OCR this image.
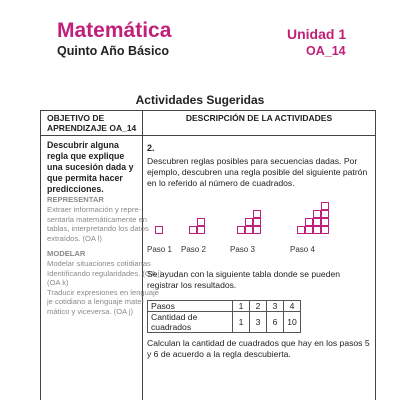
Matemática
Quinto Año Básico
Unidad 1
OA_14
Actividades Sugeridas
OBJETIVO DE APRENDIZAJE OA_14
DESCRIPCIÓN DE LA ACTIVIDADES
Descubrir alguna regla que explique una sucesión dada y que permita hacer predicciones.
REPRESENTAR
Extraer información y repre-
sentarla matemáticamente en
tablas, interpretando los datos
extraídos. (OA l)
MODELAR
Modelar situaciones cotidianas
Identificando regularidades. (OA j)
(OA k)
Traducir expresiones en lenguaje
je cotidiano a lenguaje mate-
mático y viceversa. (OA j)
2.
Descubren reglas posibles para secuencias dadas. Por ejemplo, descubren una regla posible del siguiente patrón en lo referido al número de cuadrados.
Paso 1 Paso 2	Paso 3	Paso 4
Se ayudan con la siguiente tabla donde se pueden registrar los resultados.
Pasos	1	2	3	4
Cantidad de cuadrados	1	3	6	10
Calculan la cantidad de cuadrados que hay en los pasos 5 y 6 de acuerdo a la regla descubierta.
